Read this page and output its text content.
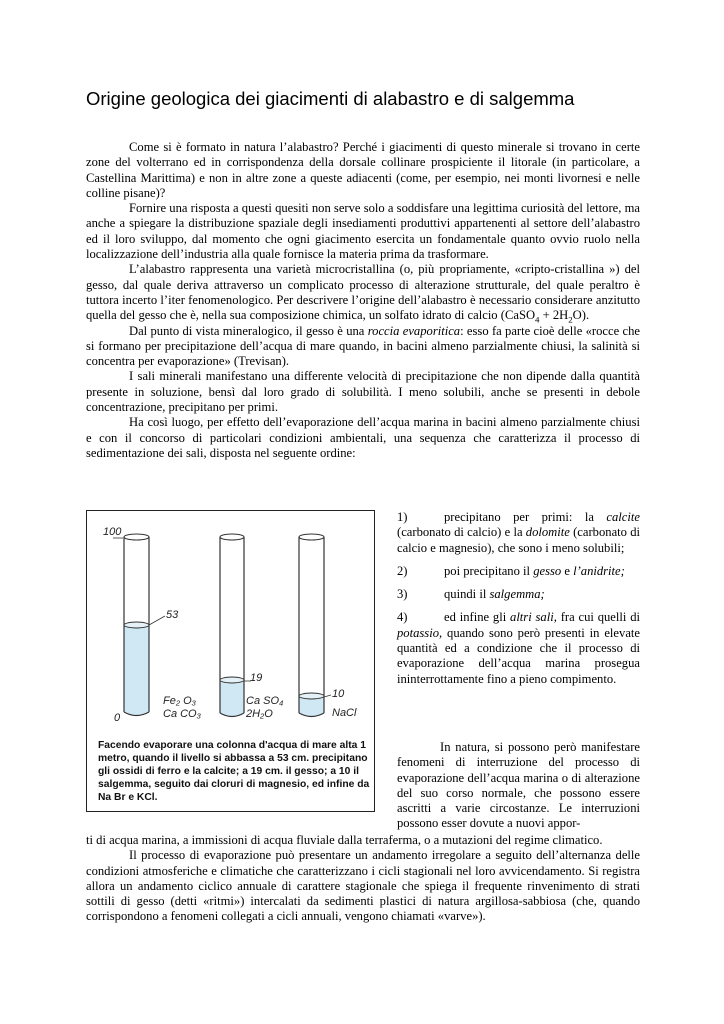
Origine geologica dei giacimenti di alabastro e di salgemma

Come si è formato in natura l’alabastro? Perché i giacimenti di questo minerale si trovano in certe zone del volterrano ed in corrispondenza della dorsale collinare prospiciente il litorale (in particolare, a Castellina Marittima) e non in altre zone a queste adiacenti (come, per esempio, nei monti livornesi e nelle colline pisane)?

Fornire una risposta a questi quesiti non serve solo a soddisfare una legittima curiosità del lettore, ma anche a spiegare la distribuzione spaziale degli insediamenti produttivi appartenenti al settore dell’alabastro ed il loro sviluppo, dal momento che ogni giacimento esercita un fondamentale quanto ovvio ruolo nella localizzazione dell’industria alla quale fornisce la materia prima da trasformare.

L’alabastro rappresenta una varietà microcristallina (o, più propriamente, «cripto-cristallina ») del gesso, dal quale deriva attraverso un complicato processo di alterazione strutturale, del quale peraltro è tuttora incerto l’iter fenomenologico. Per descrivere l’origine dell’alabastro è necessario considerare anzitutto quella del gesso che è, nella sua composizione chimica, un solfato idrato di calcio (CaSO$_4$ + $2H_2O$).

Dal punto di vista mineralogico, il gesso è una roccia evaporitica: esso fa parte cioè delle «rocce che si formano per precipitazione dell’acqua di mare quando, in bacini almeno parzialmente chiusi, la salinità si concentra per evaporazione» (Trevisan).

I sali minerali manifestano una differente velocità di precipitazione che non dipende dalla quantità presente in soluzione, bensì dal loro grado di solubilità. I meno solubili, anche se presenti in debole concentrazione, precipitano per primi.

Ha così luogo, per effetto dell’evaporazione dell’acqua marina in bacini almeno parzialmente chiusi e con il concorso di particolari condizioni ambientali, una sequenza che caratterizza il processo di sedimentazione dei sali, disposta nel seguente ordine:

100
0
53
19
10
Fe₂ O₃
Ca CO₃
Ca SO₄
2H₂O	NaCl
Facendo evaporare una colonna d'acqua di mare alta 1 metro, quando il livello si abbassa a 53 cm. precipitano gli ossidi di ferro e la calcite; a 19 cm. il gesso; a 10 il salgemma, seguito dai cloruri di magnesio, ed infine da Na Br e KCl.
1)	precipitano per primi: la calcite (carbonato di calcio) e la dolomite (carbonato di calcio e magnesio), che sono i meno solubili;
2)	poi precipitano il gesso e l’anidrite;
3)	quindi il salgemma;
4)	ed infine gli altri sali, fra cui quelli di potassio, quando sono però presenti in elevate quantità ed a condizione che il processo di evaporazione dell’acqua marina prosegua ininterrottamente fino a pieno compimento.

In natura, si possono però manifestare fenomeni di interruzione del processo di evaporazione dell’acqua marina o di alterazione del suo corso normale, che possono essere ascritti a varie circostanze. Le interruzioni possono esser dovute a nuovi appor-

ti di acqua marina, a immissioni di acqua fluviale dalla terraferma, o a mutazioni del regime climatico.

Il processo di evaporazione può presentare un andamento irregolare a seguito dell’alternanza delle condizioni atmosferiche e climatiche che caratterizzano i cicli stagionali nel loro avvicendamento. Si registra allora un andamento ciclico annuale di carattere stagionale che spiega il frequente rinvenimento di strati sottili di gesso (detti «ritmi») intercalati da sedimenti plastici di natura argillosa-sabbiosa (che, quando corrispondono a fenomeni collegati a cicli annuali, vengono chiamati «varve»).
